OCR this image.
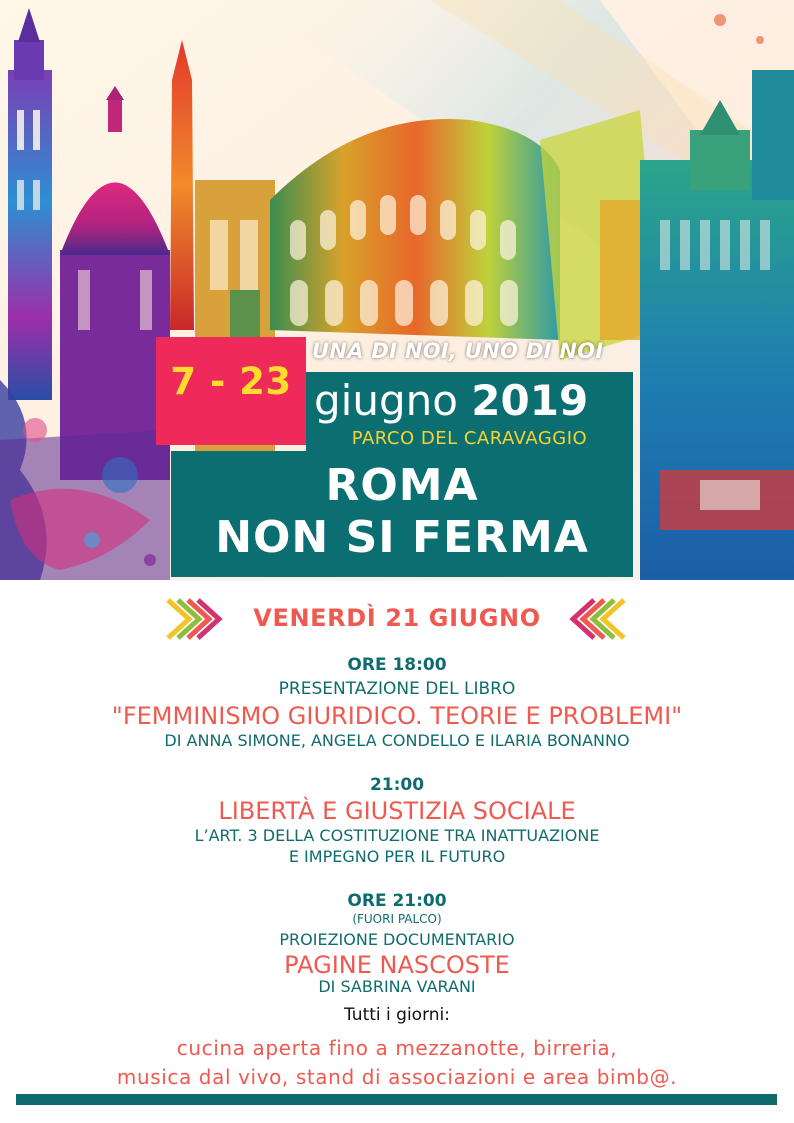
7 - 23
UNA DI NOI, UNO DI NOI
giugno 2019
PARCO DEL CARAVAGGIO
ROMA
NON SI FERMA
VENERDÌ 21 GIUGNO
ORE 18:00
PRESENTAZIONE DEL LIBRO
"FEMMINISMO GIURIDICO. TEORIE E PROBLEMI"
DI ANNA SIMONE, ANGELA CONDELLO E ILARIA BONANNO
21:00
LIBERTÀ E GIUSTIZIA SOCIALE
L’ART. 3 DELLA COSTITUZIONE TRA INATTUAZIONE
E IMPEGNO PER IL FUTURO
ORE 21:00
(FUORI PALCO)
PROIEZIONE DOCUMENTARIO
PAGINE NASCOSTE
DI SABRINA VARANI
Tutti i giorni:
cucina aperta fino a mezzanotte, birreria,
musica dal vivo, stand di associazioni e area bimb@.
